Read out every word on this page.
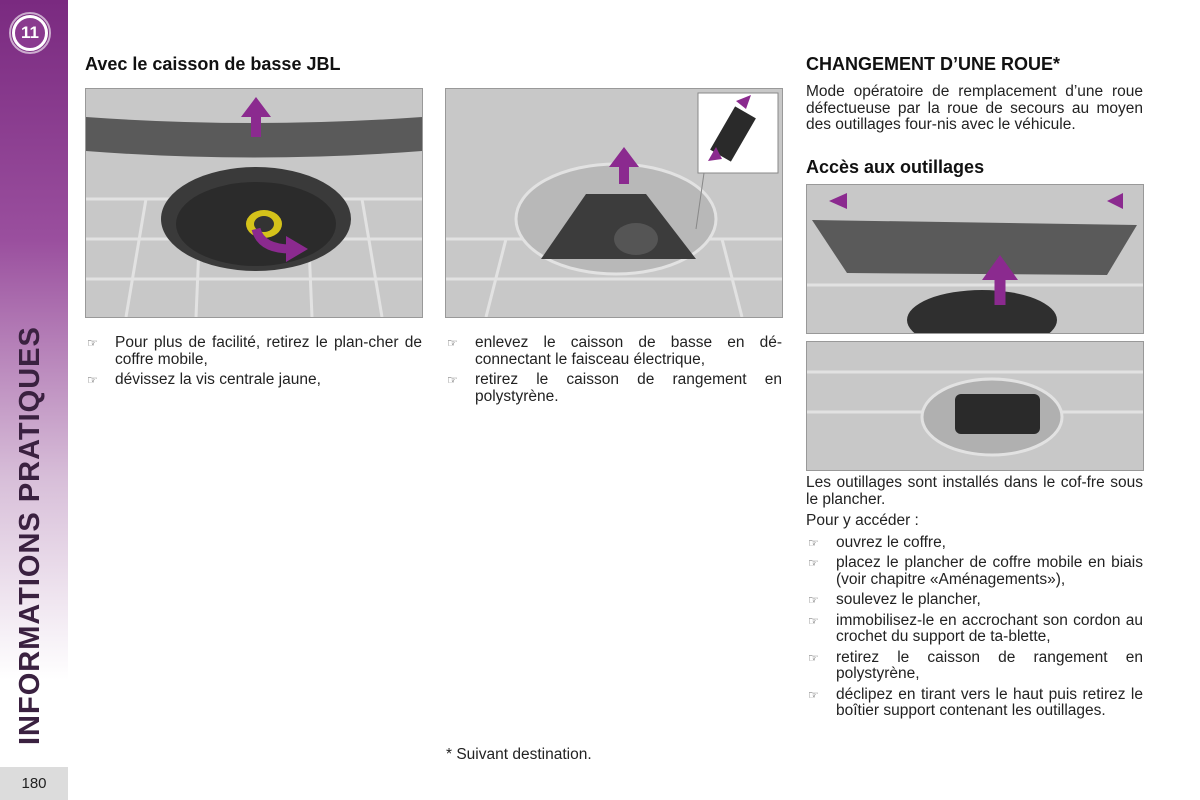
11
INFORMATIONS PRATIQUES
180
Avec le caisson de basse JBL
☞ Pour plus de facilité, retirez le plan-cher de coffre mobile,
☞ dévissez la vis centrale jaune,
☞ enlevez le caisson de basse en dé-connectant le faisceau électrique,
☞ retirez le caisson de rangement en polystyrène.
CHANGEMENT D’UNE ROUE*

Mode opératoire de remplacement d’une roue défectueuse par la roue de secours au moyen des outillages four-nis avec le véhicule.

Accès aux outillages

Les outillages sont installés dans le cof-fre sous le plancher.

Pour y accéder :

☞ ouvrez le coffre,
☞ placez le plancher de coffre mobile en biais (voir chapitre «Aménagements»),
☞ soulevez le plancher,
☞ immobilisez-le en accrochant son cordon au crochet du support de ta-blette,
☞ retirez le caisson de rangement en polystyrène,
☞ déclipez en tirant vers le haut puis retirez le boîtier support contenant les outillages.
* Suivant destination.
